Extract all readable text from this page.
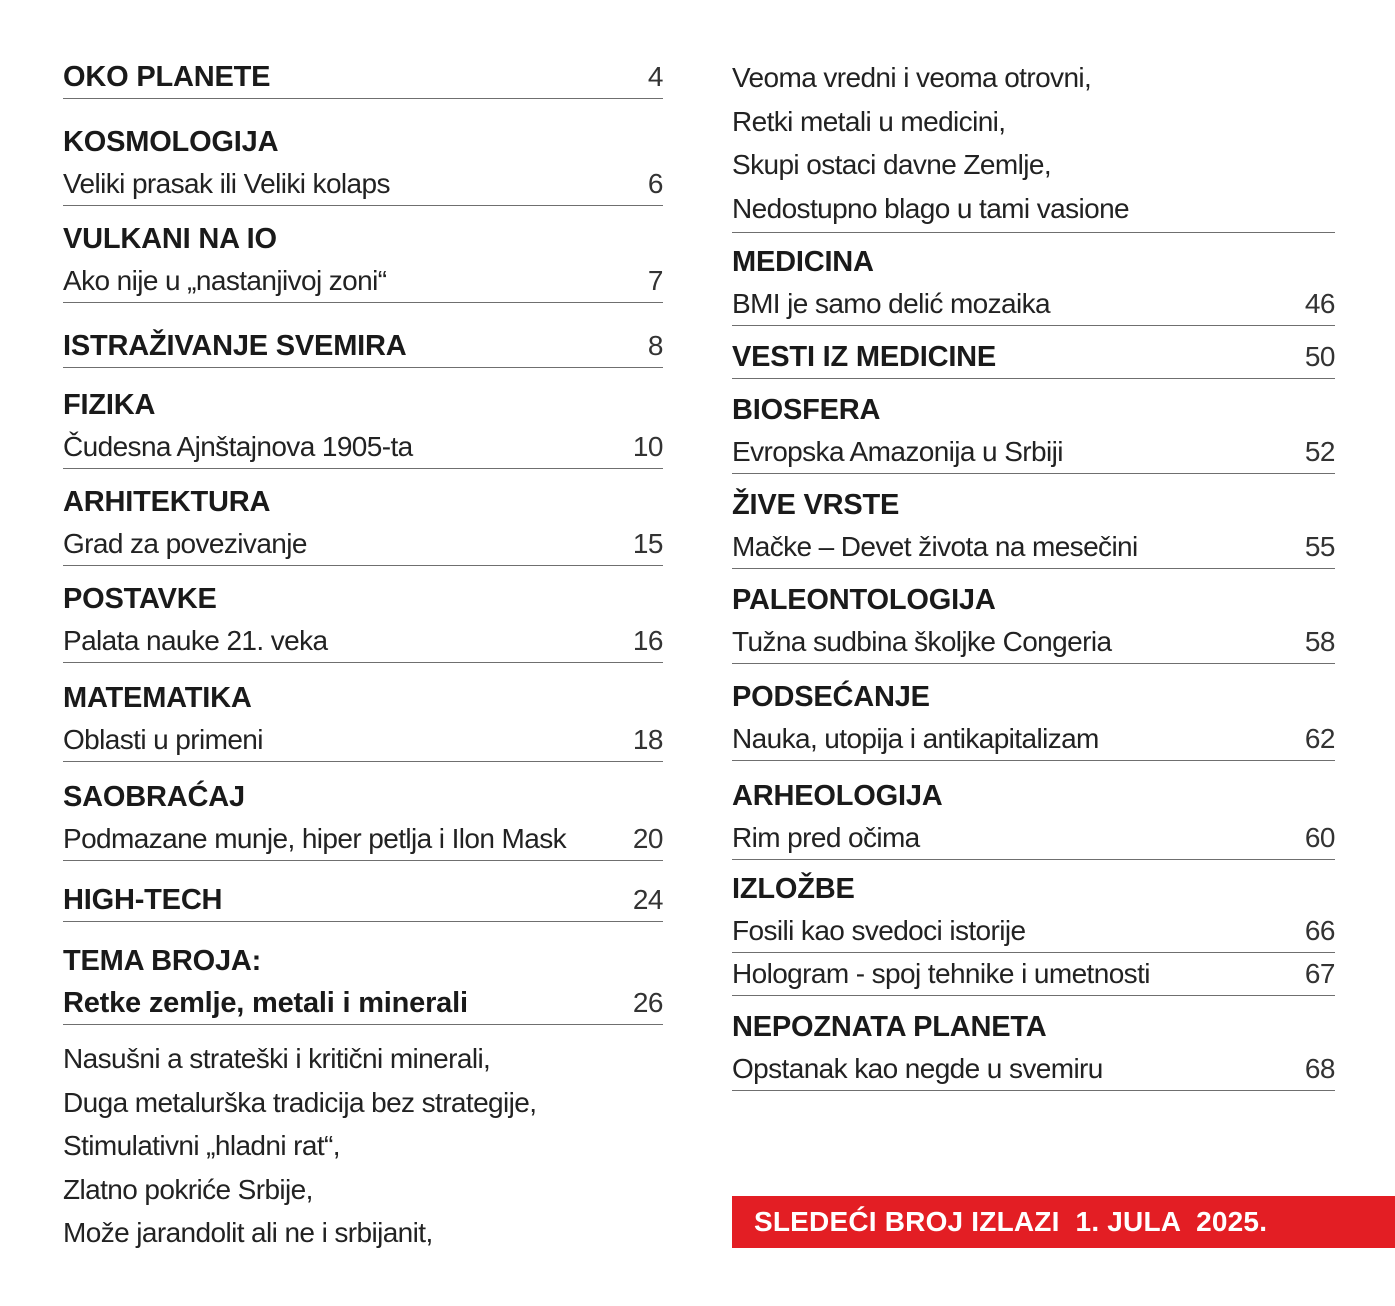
OKO PLANETE	4
KOSMOLOGIJA
Veliki prasak ili Veliki kolaps	6
VULKANI NA IO
Ako nije u „nastanjivoj zoni“	7
ISTRAŽIVANJE SVEMIRA	8
FIZIKA
Čudesna Ajnštajnova 1905-ta	10
ARHITEKTURA
Grad za povezivanje	15
POSTAVKE
Palata nauke 21. veka	16
MATEMATIKA
Oblasti u primeni	18
SAOBRAĆAJ
Podmazane munje, hiper petlja i Ilon Mask 20
HIGH-TECH	24
TEMA BROJA:
Retke zemlje, metali i minerali	26
Nasušni a strateški i kritični minerali,
Duga metalurška tradicija bez strategije,
Stimulativni „hladni rat“,
Zlatno pokriće Srbije,
Može jarandolit ali ne i srbijanit,
Veoma vredni i veoma otrovni,
Retki metali u medicini,
Skupi ostaci davne Zemlje,
Nedostupno blago u tami vasione
MEDICINA
BMI je samo delić mozaika	46
VESTI IZ MEDICINE	50
BIOSFERA
Evropska Amazonija u Srbiji	52
ŽIVE VRSTE
Mačke – Devet života na mesečini	55
PALEONTOLOGIJA
Tužna sudbina školjke Congeria	58
PODSEĆANJE
Nauka, utopija i antikapitalizam	62
ARHEOLOGIJA
Rim pred očima	60
IZLOŽBE
Fosili kao svedoci istorije	66
Hologram - spoj tehnike i umetnosti	67
NEPOZNATA PLANETA
Opstanak kao negde u svemiru	68
SLEDEĆI BROJ IZLAZI  1. JULA  2025.
